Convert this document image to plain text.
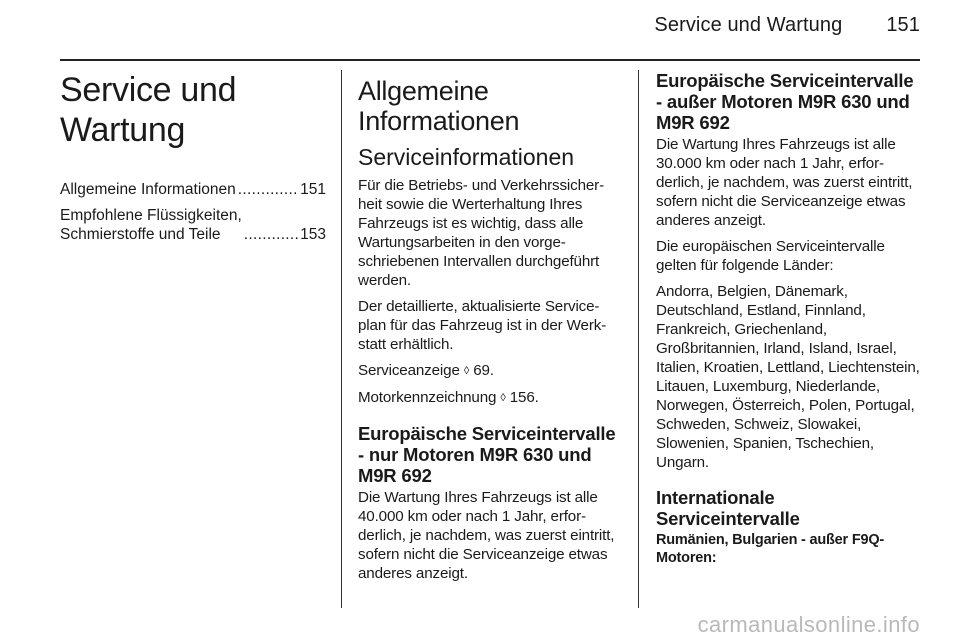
Service und Wartung 151
Service und Wartung
Allgemeine Informationen . . .	151
Empfohlene Flüssigkeiten,
Schmierstoffe und Teile . . .	153
Allgemeine Informationen
Serviceinformationen

Für die Betriebs- und Verkehrssicherheit sowie die Werterhaltung Ihres Fahrzeugs ist es wichtig, dass alle Wartungsarbeiten in den vorgeschriebenen Intervallen durchgeführt werden.

Der detaillierte, aktualisierte Serviceplan für das Fahrzeug ist in der Werkstatt erhältlich.

Serviceanzeige ◊ 69.

Motorkennzeichnung ◊ 156.

Europäische Serviceintervalle - nur Motoren M9R 630 und M9R 692

Die Wartung Ihres Fahrzeugs ist alle 40.000 km oder nach 1 Jahr, erforderlich, je nachdem, was zuerst eintritt, sofern nicht die Serviceanzeige etwas anderes anzeigt.

Europäische Serviceintervalle - außer Motoren M9R 630 und M9R 692

Die Wartung Ihres Fahrzeugs ist alle 30.000 km oder nach 1 Jahr, erforderlich, je nachdem, was zuerst eintritt, sofern nicht die Serviceanzeige etwas anderes anzeigt.

Die europäischen Serviceintervalle gelten für folgende Länder:

Andorra, Belgien, Dänemark, Deutschland, Estland, Finnland, Frankreich, Griechenland, Großbritannien, Irland, Island, Israel, Italien, Kroatien, Lettland, Liechtenstein, Litauen, Luxemburg, Niederlande, Norwegen, Österreich, Polen, Portugal, Schweden, Schweiz, Slowakei, Slowenien, Spanien, Tschechien, Ungarn.

Internationale Serviceintervalle
Rumänien, Bulgarien - außer F9Q-Motoren:
carmanualsonline.info
